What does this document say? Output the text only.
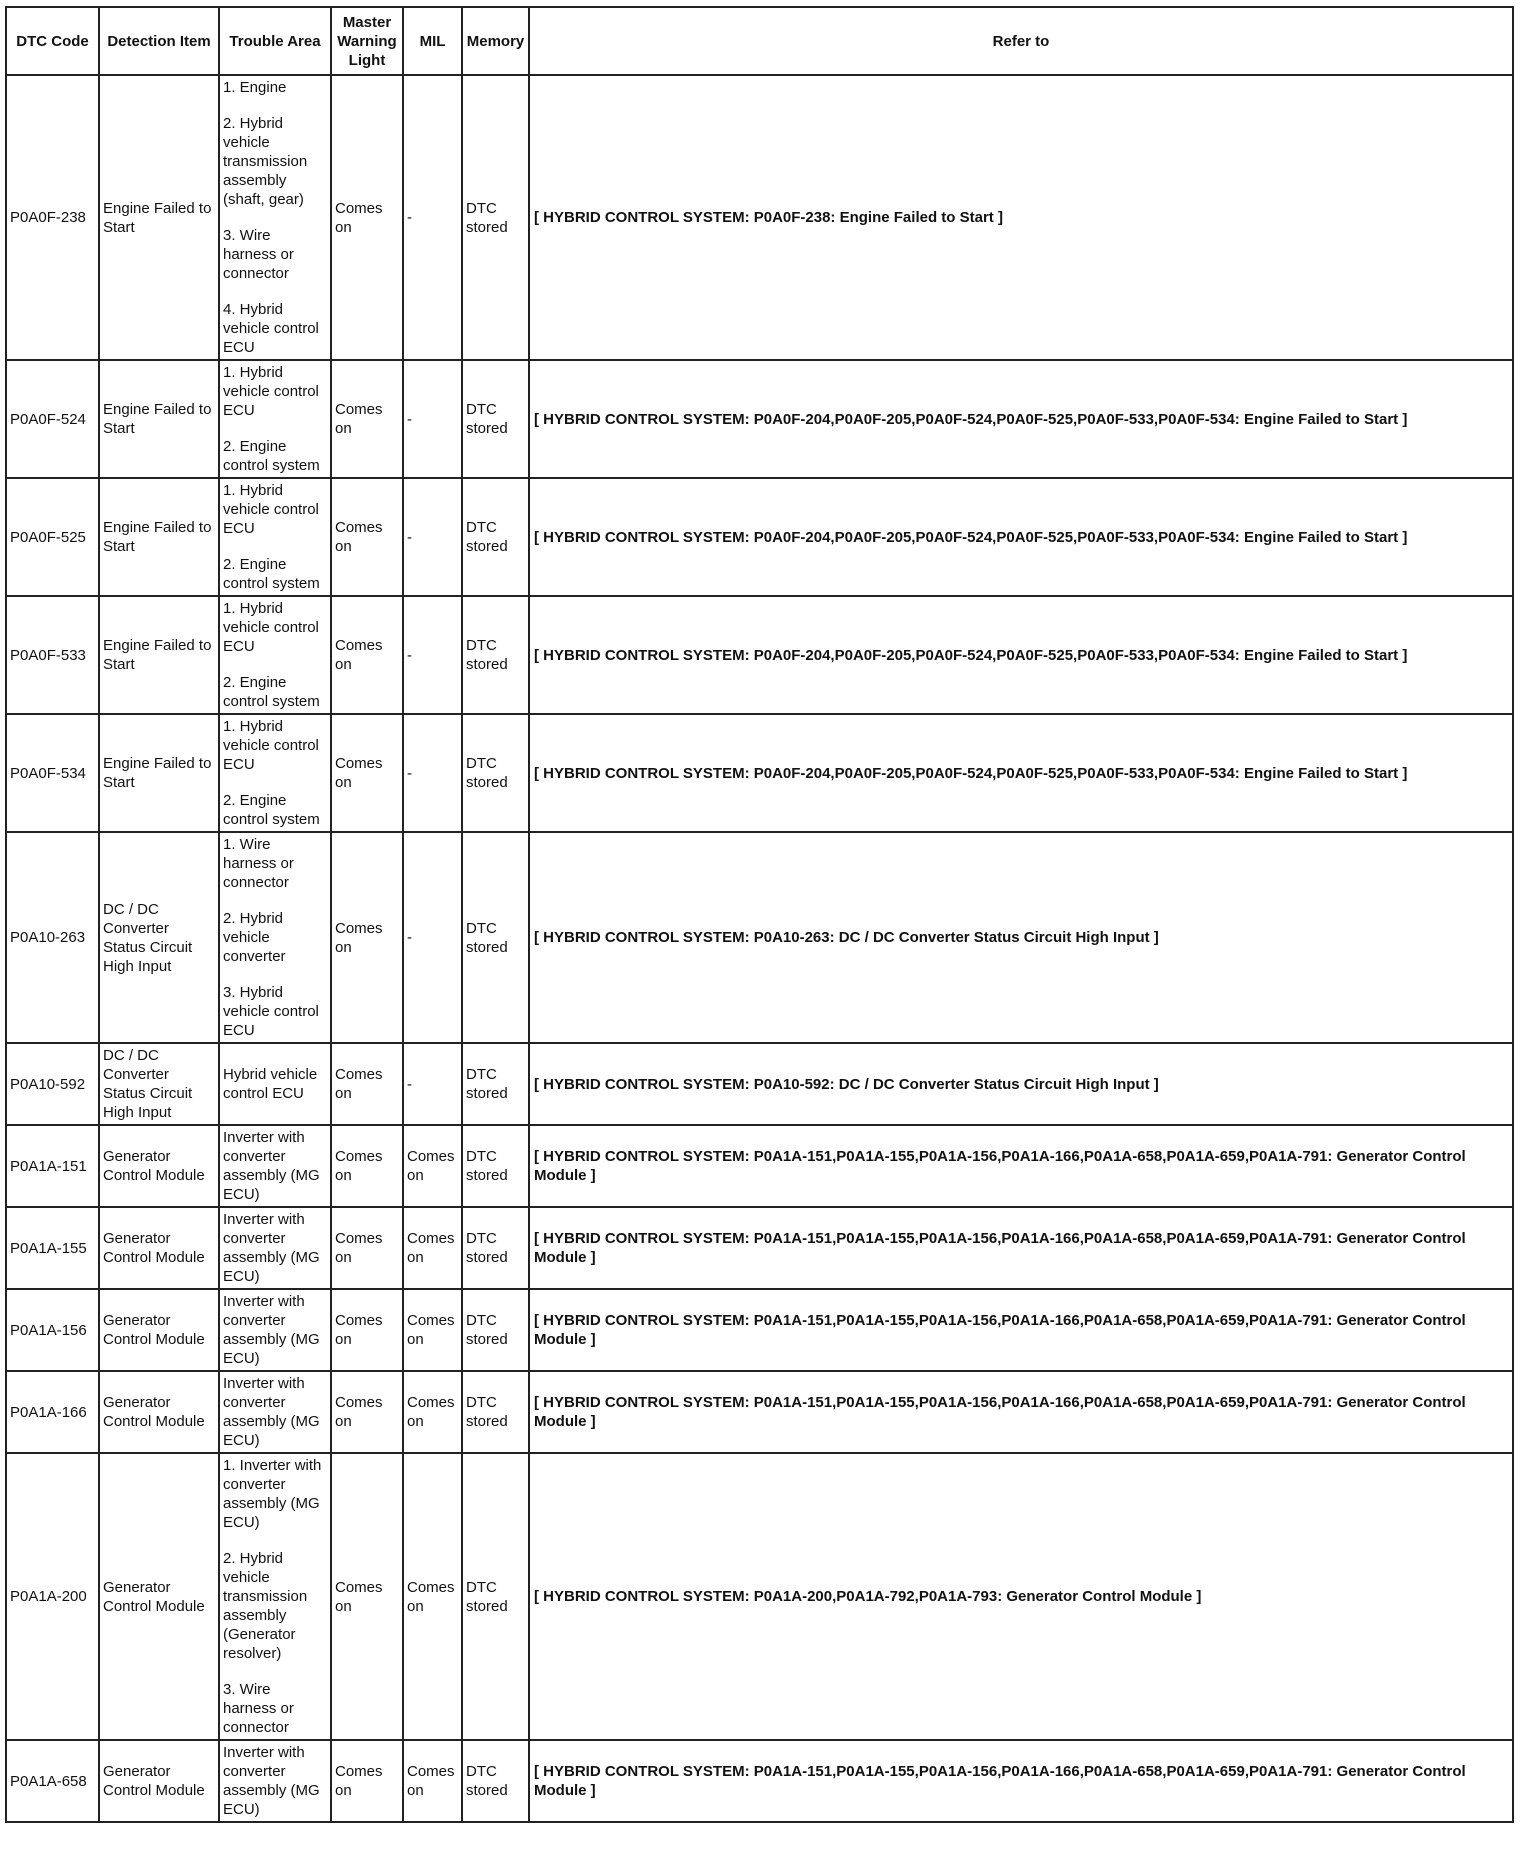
DTC Code	Detection Item	Trouble Area	Master Warning Light	MIL	Memory	Refer to

P0A0F-238	Engine Failed to Start	1. Engine
2. Hybrid vehicle transmission assembly (shaft, gear)
3. Wire harness or connector
4. Hybrid vehicle control ECU	Comes on	-	DTC stored	[ HYBRID CONTROL SYSTEM: P0A0F-238: Engine Failed to Start ]

P0A0F-524	Engine Failed to Start	1. Hybrid vehicle control ECU
2. Engine control system	Comes on	-	DTC stored	[ HYBRID CONTROL SYSTEM: P0A0F-204,P0A0F-205,P0A0F-524,P0A0F-525,P0A0F-533,P0A0F-534: Engine Failed to Start ]

P0A0F-525	Engine Failed to Start	1. Hybrid vehicle control ECU
2. Engine control system	Comes on	-	DTC stored	[ HYBRID CONTROL SYSTEM: P0A0F-204,P0A0F-205,P0A0F-524,P0A0F-525,P0A0F-533,P0A0F-534: Engine Failed to Start ]

P0A0F-533	Engine Failed to Start	1. Hybrid vehicle control ECU
2. Engine control system	Comes on	-	DTC stored	[ HYBRID CONTROL SYSTEM: P0A0F-204,P0A0F-205,P0A0F-524,P0A0F-525,P0A0F-533,P0A0F-534: Engine Failed to Start ]

P0A0F-534	Engine Failed to Start	1. Hybrid vehicle control ECU
2. Engine control system	Comes on	-	DTC stored	[ HYBRID CONTROL SYSTEM: P0A0F-204,P0A0F-205,P0A0F-524,P0A0F-525,P0A0F-533,P0A0F-534: Engine Failed to Start ]

P0A10-263	DC / DC Converter Status Circuit High Input	1. Wire harness or connector
2. Hybrid vehicle converter
3. Hybrid vehicle control ECU	Comes on	-	DTC stored	[ HYBRID CONTROL SYSTEM: P0A10-263: DC / DC Converter Status Circuit High Input ]

P0A10-592	DC / DC Converter Status Circuit High Input	Hybrid vehicle control ECU	Comes on	-	DTC stored	[ HYBRID CONTROL SYSTEM: P0A10-592: DC / DC Converter Status Circuit High Input ]

P0A1A-151	Generator Control Module	Inverter with converter assembly (MG ECU)	Comes on	Comes on	DTC stored	[ HYBRID CONTROL SYSTEM: P0A1A-151,P0A1A-155,P0A1A-156,P0A1A-166,P0A1A-658,P0A1A-659,P0A1A-791: Generator Control Module ]

P0A1A-155	Generator Control Module	Inverter with converter assembly (MG ECU)	Comes on	Comes on	DTC stored	[ HYBRID CONTROL SYSTEM: P0A1A-151,P0A1A-155,P0A1A-156,P0A1A-166,P0A1A-658,P0A1A-659,P0A1A-791: Generator Control Module ]

P0A1A-156	Generator Control Module	Inverter with converter assembly (MG ECU)	Comes on	Comes on	DTC stored	[ HYBRID CONTROL SYSTEM: P0A1A-151,P0A1A-155,P0A1A-156,P0A1A-166,P0A1A-658,P0A1A-659,P0A1A-791: Generator Control Module ]

P0A1A-166	Generator Control Module	Inverter with converter assembly (MG ECU)	Comes on	Comes on	DTC stored	[ HYBRID CONTROL SYSTEM: P0A1A-151,P0A1A-155,P0A1A-156,P0A1A-166,P0A1A-658,P0A1A-659,P0A1A-791: Generator Control Module ]

P0A1A-200	Generator Control Module	1. Inverter with converter assembly (MG ECU)
2. Hybrid vehicle transmission assembly (Generator resolver)
3. Wire harness or connector	Comes on	Comes on	DTC stored	[ HYBRID CONTROL SYSTEM: P0A1A-200,P0A1A-792,P0A1A-793: Generator Control Module ]

P0A1A-658	Generator Control Module	Inverter with converter assembly (MG ECU)	Comes on	Comes on	DTC stored	[ HYBRID CONTROL SYSTEM: P0A1A-151,P0A1A-155,P0A1A-156,P0A1A-166,P0A1A-658,P0A1A-659,P0A1A-791: Generator Control Module ]
